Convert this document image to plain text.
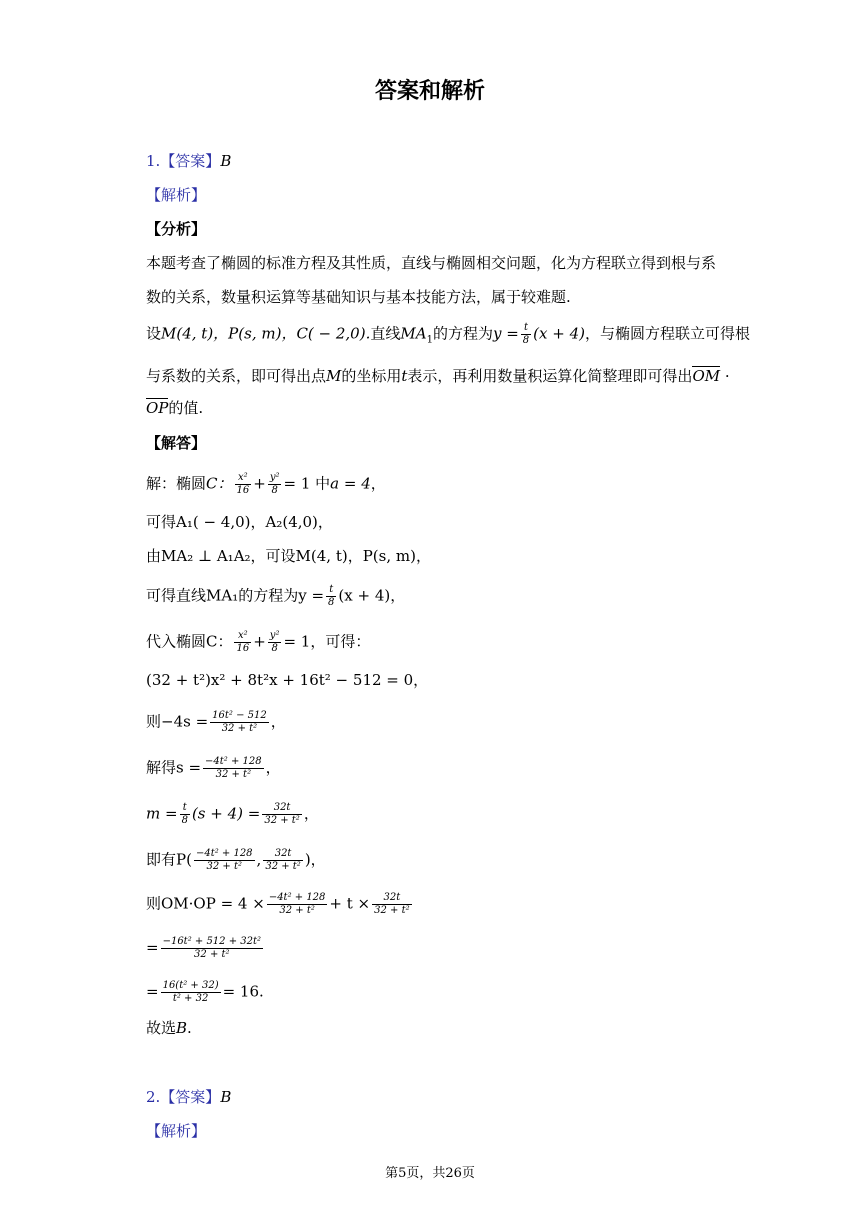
答案和解析
1.【答案】B
【解析】
【分析】
本题考查了椭圆的标准方程及其性质，直线与椭圆相交问题，化为方程联立得到根与系
数的关系，数量积运算等基础知识与基本技能方法，属于较难题.
设M(4, t)，P(s, m)，C( − 2,0).直线$MA_1$的方程为$y = \frac{t}{8} (x + 4)$，与椭圆方程联立可得根
与系数的关系，即可得出点M的坐标用t表示，再利用数量积运算化简整理即可得出OM ·
OP的值.
【解答】
解：椭圆C： $\frac{\text{x²}}{16} + \frac{\text{y²}}{8} = 1$ 中a = 4，
可得A₁( − 4,0)，A₂(4,0)，
由MA₂ ⊥ A₁A₂，可设M(4, t)，P(s, m)，
可得直线MA₁的方程为$y = \frac{t}{8} (x + 4)$，
代入椭圆C： $\frac{\text{x²}}{16} + \frac{\text{y²}}{8} = 1$，可得：
(32 + t²)x² + 8t²x + 16t² − 512 = 0，
则$-4s = \frac{\text{16t² − 512}}{\text{32 + t²}}$ ，
解得$s = \frac{\text{−4t² + 128}}{\text{32 + t²}}$ ，
$m = \frac{t}{8} (s + 4) = \frac{32t}{\text{32 + t²}}$ ，
即有$P( \frac{\text{−4t² + 128}}{\text{32 + t²}}$ , $\frac{32t}{\text{32 + t²}}$ )，
则$OM\cdot OP = 4 \times \frac{\text{−4t² + 128}}{\text{32 + t²}} + t \times \frac{32t}{\text{32 + t²}}$
= $\frac{\text{−16t² + 512 + 32t²}}{\text{32 + t²}}$
= $\frac{\text{16(t² + 32)}}{\text{t² + 32}} = 16$.
故选B.
2.【答案】B
【解析】
第5页，共26页
